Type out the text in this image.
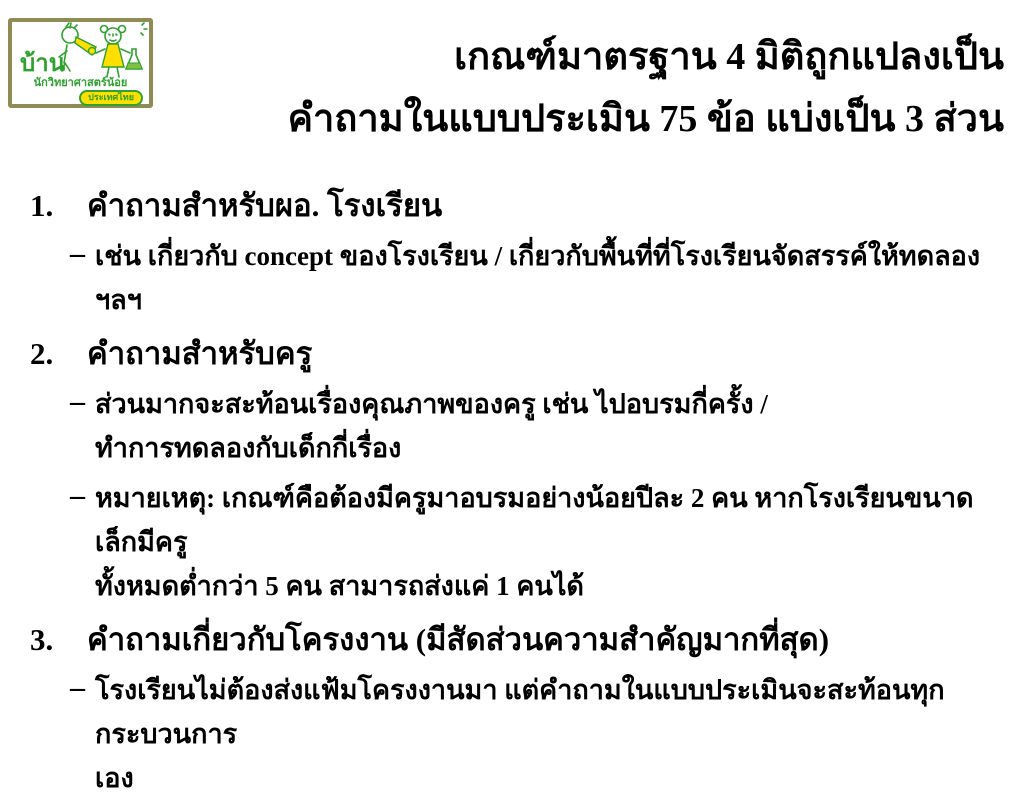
บ้าน
นักวิทยาศาสตร์น้อย
ประเทศไทย
เกณฑ์มาตรฐาน 4 มิติถูกแปลงเป็น
คำถามในแบบประเมิน 75 ข้อ แบ่งเป็น 3 ส่วน
1. คำถามสำหรับผอ. โรงเรียน
– เช่น เกี่ยวกับ concept ของโรงเรียน / เกี่ยวกับพื้นที่ที่โรงเรียนจัดสรรค์ให้ทดลอง ฯลฯ
2. คำถามสำหรับครู
– ส่วนมากจะสะท้อนเรื่องคุณภาพของครู เช่น ไปอบรมกี่ครั้ง /
ทำการทดลองกับเด็กกี่เรื่อง
– หมายเหตุ: เกณฑ์คือต้องมีครูมาอบรมอย่างน้อยปีละ 2 คน หากโรงเรียนขนาดเล็กมีครู
ทั้งหมดต่ำกว่า 5 คน สามารถส่งแค่ 1 คนได้
3. คำถามเกี่ยวกับโครงงาน (มีสัดส่วนความสำคัญมากที่สุด)
– โรงเรียนไม่ต้องส่งแฟ้มโครงงานมา แต่คำถามในแบบประเมินจะสะท้อนทุกกระบวนการ
เอง
